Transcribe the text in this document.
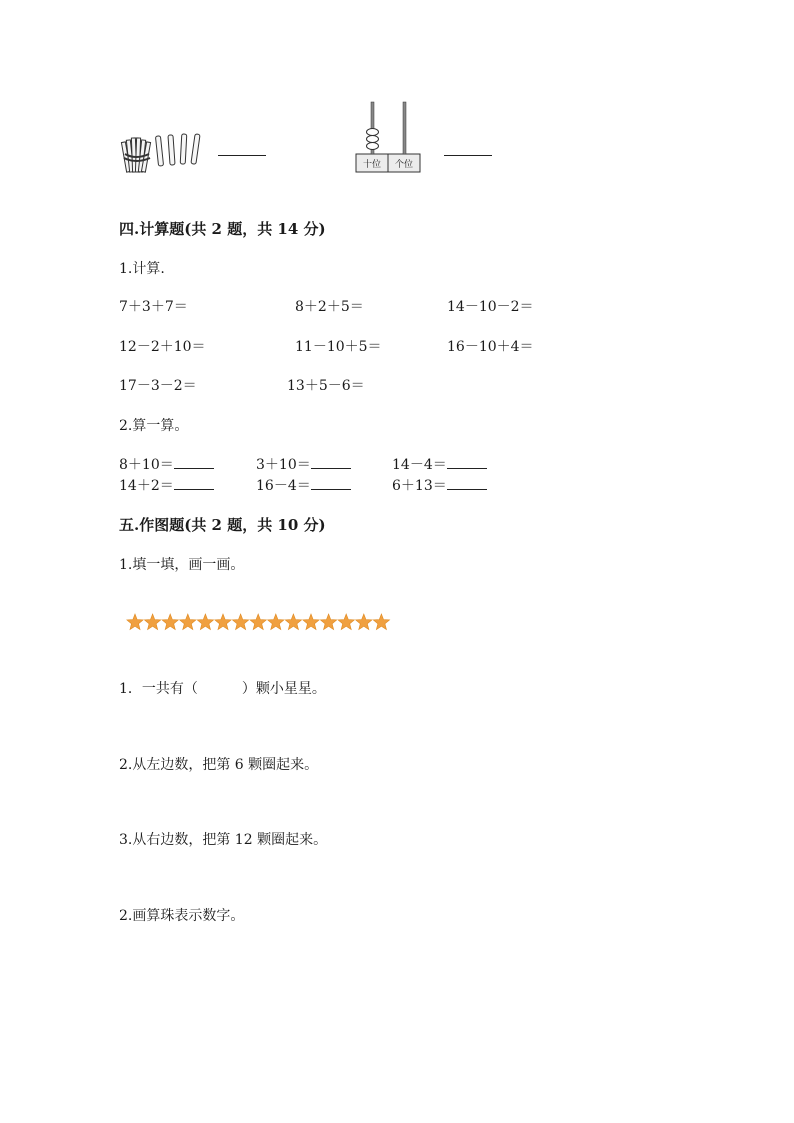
十位 个位
四.计算题(共 2 题，共 14 分)
1.计算.
7＋3＋7＝	8＋2＋5＝	14－10－2＝
12－2＋10＝	11－10＋5＝	16－10＋4＝
17－3－2＝	13＋5－6＝
2.算一算。
8＋10＝	3＋10＝	14－4＝
14＋2＝	16－4＝	6＋13＝
五.作图题(共 2 题，共 10 分)
1.填一填，画一画。
1．一共有（	）颗小星星。
2.从左边数，把第 6 颗圈起来。
3.从右边数，把第 12 颗圈起来。
2.画算珠表示数字。
